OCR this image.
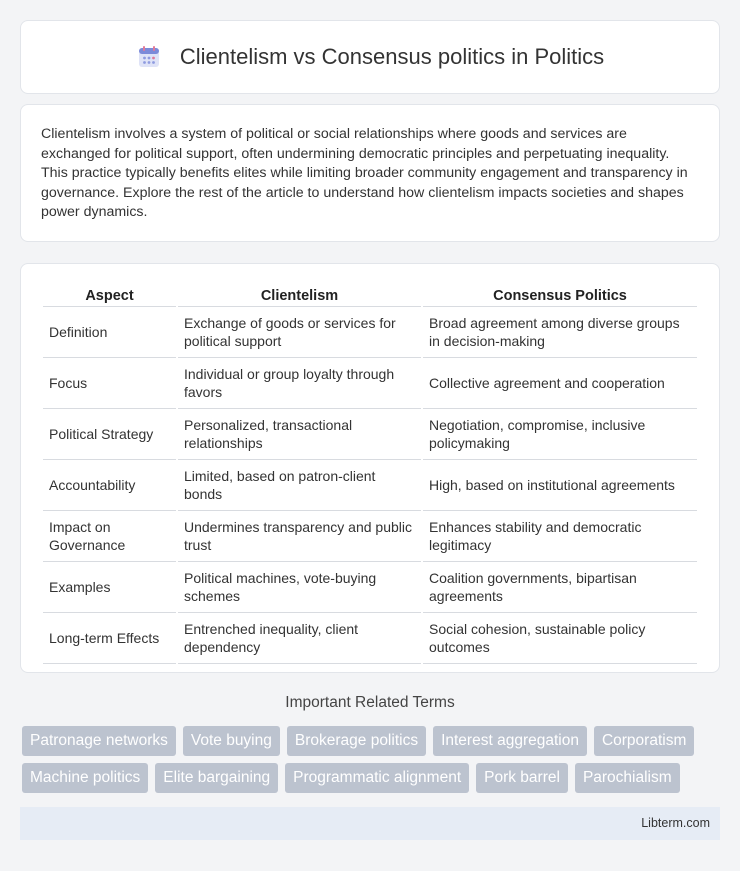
Clientelism vs Consensus politics in Politics

Clientelism involves a system of political or social relationships where goods and services are exchanged for political support, often undermining democratic principles and perpetuating inequality. This practice typically benefits elites while limiting broader community engagement and transparency in governance. Explore the rest of the article to understand how clientelism impacts societies and shapes power dynamics.

Aspect	Clientelism	Consensus Politics
Definition	Exchange of goods or services for political support	Broad agreement among diverse groups in decision-making
Focus	Individual or group loyalty through favors	Collective agreement and cooperation
Political Strategy	Personalized, transactional relationships	Negotiation, compromise, inclusive policymaking
Accountability	Limited, based on patron-client bonds	High, based on institutional agreements
Impact on Governance	Undermines transparency and public trust	Enhances stability and democratic legitimacy
Examples	Political machines, vote-buying schemes	Coalition governments, bipartisan agreements
Long-term Effects	Entrenched inequality, client dependency	Social cohesion, sustainable policy outcomes
Important Related Terms
Patronage networks	Vote buying	Brokerage politics	Interest aggregation	Corporatism
Machine politics	Elite bargaining	Programmatic alignment	Pork barrel	Parochialism
Libterm.com
